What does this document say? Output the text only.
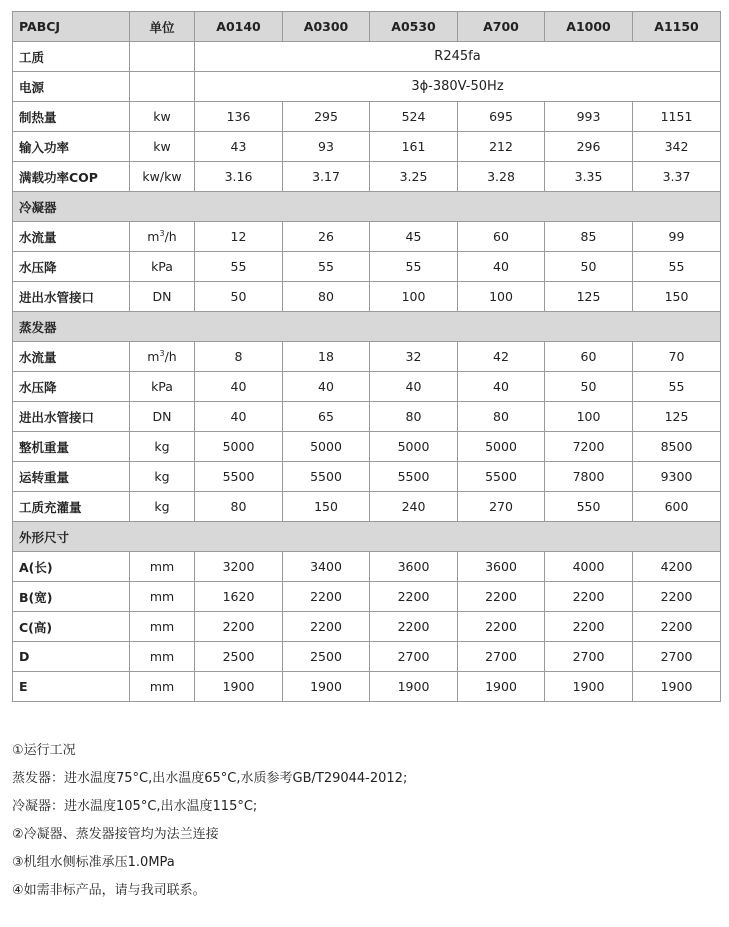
PABCJ	单位	A0140	A0300	A0530	A700	A1000	A1150
工质		R245fa					
电源		3ϕ-380V-50Hz					
制热量	kw	136	295	524	695	993	1151
输入功率	kw	43	93	161	212	296	342
满载功率COP	kw/kw	3.16	3.17	3.25	3.28	3.35	3.37
冷凝器							
水流量	$m^3/h$	12	26	45	60	85	99
水压降	kPa	55	55	55	40	50	55
进出水管接口	DN	50	80	100	100	125	150
蒸发器							
水流量	$m^3/h$	8	18	32	42	60	70
水压降	kPa	40	40	40	40	50	55
进出水管接口	DN	40	65	80	80	100	125
整机重量	kg	5000	5000	5000	5000	7200	8500
运转重量	kg	5500	5500	5500	5500	7800	9300
工质充灌量	kg	80	150	240	270	550	600
外形尺寸							
A(长)	mm	3200	3400	3600	3600	4000	4200
B(宽)	mm	1620	2200	2200	2200	2200	2200
C(高)	mm	2200	2200	2200	2200	2200	2200
D	mm	2500	2500	2700	2700	2700	2700
E	mm	1900	1900	1900	1900	1900	1900
①运行工况
蒸发器：进水温度75°C,出水温度65°C,水质参考GB/T29044-2012;
冷凝器：进水温度105°C,出水温度115°C;
②冷凝器、蒸发器接管均为法兰连接
③机组水侧标准承压1.0MPa
④如需非标产品，请与我司联系。
